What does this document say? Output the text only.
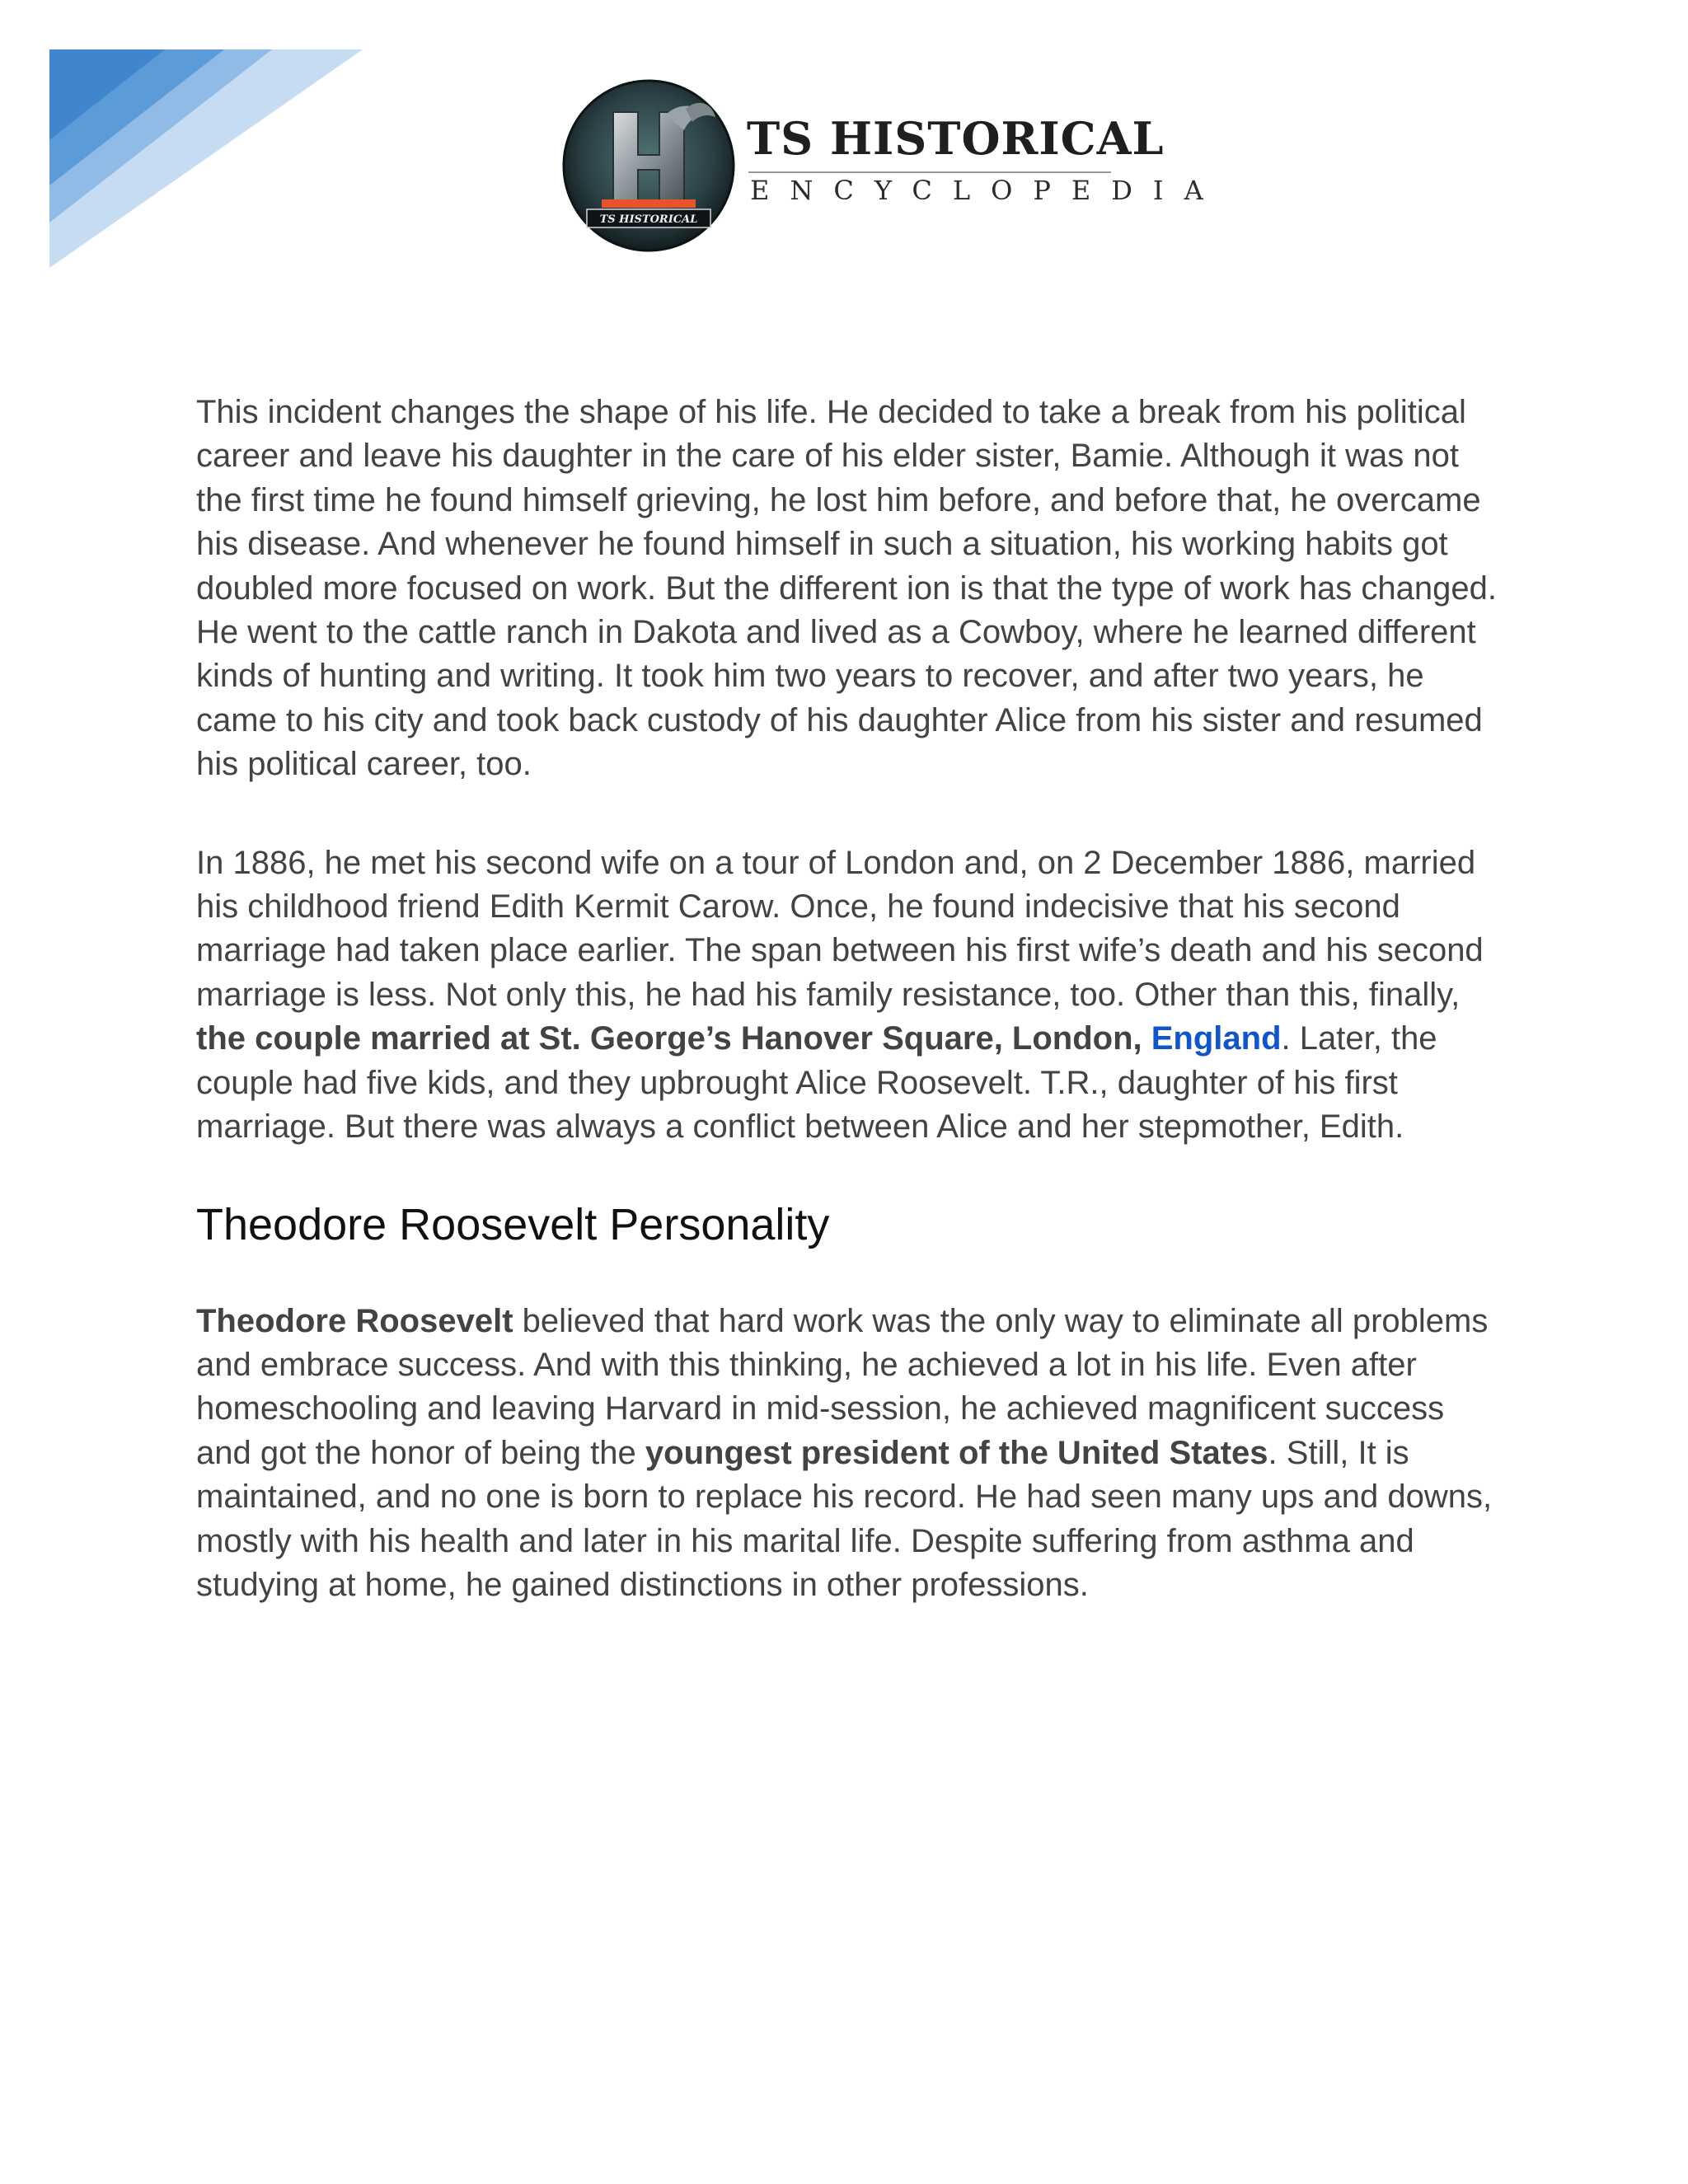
TS HISTORICAL
TS HISTORICAL
ENCYCLOPEDIA

This incident changes the shape of his life. He decided to take a break from his political career and leave his daughter in the care of his elder sister, Bamie. Although it was not the first time he found himself grieving, he lost him before, and before that, he overcame his disease. And whenever he found himself in such a situation, his working habits got doubled more focused on work. But the different ion is that the type of work has changed. He went to the cattle ranch in Dakota and lived as a Cowboy, where he learned different kinds of hunting and writing. It took him two years to recover, and after two years, he came to his city and took back custody of his daughter Alice from his sister and resumed his political career, too.

In 1886, he met his second wife on a tour of London and, on 2 December 1886, married his childhood friend Edith Kermit Carow. Once, he found indecisive that his second marriage had taken place earlier. The span between his first wife’s death and his second marriage is less. Not only this, he had his family resistance, too. Other than this, finally, the couple married at St. George’s Hanover Square, London, England. Later, the couple had five kids, and they upbrought Alice Roosevelt. T.R., daughter of his first marriage. But there was always a conflict between Alice and her stepmother, Edith.

Theodore Roosevelt Personality

Theodore Roosevelt believed that hard work was the only way to eliminate all problems and embrace success. And with this thinking, he achieved a lot in his life. Even after homeschooling and leaving Harvard in mid-session, he achieved magnificent success and got the honor of being the youngest president of the United States. Still, It is maintained, and no one is born to replace his record. He had seen many ups and downs, mostly with his health and later in his marital life. Despite suffering from asthma and studying at home, he gained distinctions in other professions.
